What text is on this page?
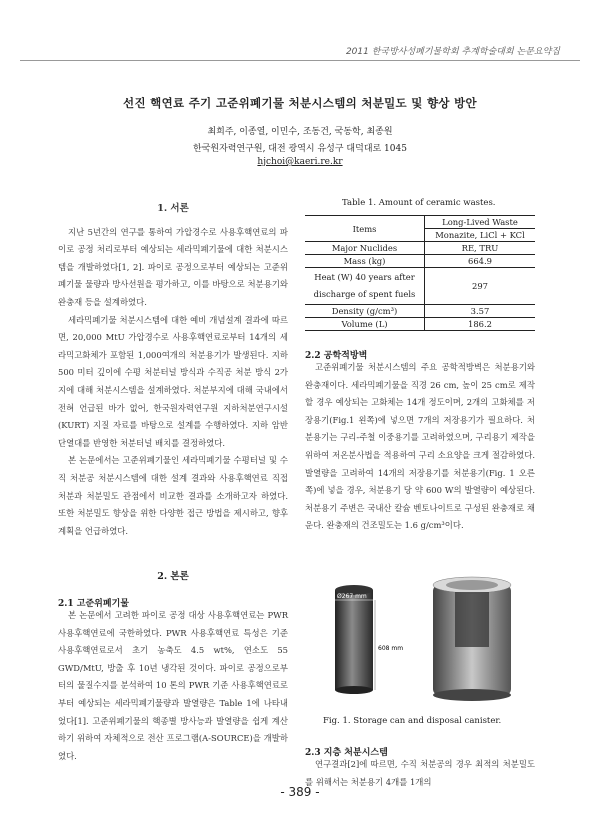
2011 한국방사성폐기물학회 추계학술대회 논문요약집
선진 핵연료 주기 고준위폐기물 처분시스템의 처분밀도 및 향상 방안
최희주, 이종열, 이민수, 조동건, 국동학, 최종원
한국원자력연구원, 대전 광역시 유성구 대덕대로 1045
hjchoi@kaeri.re.kr
1. 서론

지난 5년간의 연구를 통하여 가압경수로 사용후핵연료의 파이로 공정 처리로부터 예상되는 세라믹폐기물에 대한 처분시스템을 개발하였다[1, 2]. 파이로 공정으로부터 예상되는 고준위폐기물 물량과 방사선원을 평가하고, 이를 바탕으로 처분용기와 완충재 등을 설계하였다.

세라믹폐기물 처분시스템에 대한 예비 개념설계 결과에 따르면, 20,000 MtU 가압경수로 사용후핵연료로부터 14개의 세라믹고화체가 포함된 1,000여개의 처분용기가 발생된다. 지하 500 미터 깊이에 수평 처분터널 방식과 수직공 처분 방식 2가지에 대해 처분시스템을 설계하였다. 처분부지에 대해 국내에서 전혀 언급된 바가 없어, 한국원자력연구원 지하처분연구시설(KURT) 지질 자료를 바탕으로 설계를 수행하였다. 지하 암반 단열대를 반영한 처분터널 배치를 결정하였다.

본 논문에서는 고준위폐기물인 세라믹폐기물 수평터널 및 수직 처분공 처분시스템에 대한 설계 결과와 사용후핵연료 직접 처분과 처분밀도 관점에서 비교한 결과를 소개하고자 하였다. 또한 처분밀도 향상을 위한 다양한 접근 방법을 제시하고, 향후 계획을 언급하였다.

2. 본론
2.1 고준위폐기물

본 논문에서 고려한 파이로 공정 대상 사용후핵연료는 PWR 사용후핵연료에 국한하였다. PWR 사용후핵연료 특성은 기준 사용후핵연료로서 초기 농축도 4.5 wt%, 연소도 55 GWD/MtU, 방출 후 10년 냉각된 것이다. 파이로 공정으로부터의 물질수지를 분석하여 10 톤의 PWR 기준 사용후핵연료로부터 예상되는 세라믹폐기물량과 발열량은 Table 1에 나타내었다[1]. 고준위폐기물의 핵종별 방사능과 발열량을 쉽게 계산하기 위하여 자체적으로 전산 프로그램(A-SOURCE)을 개발하였다.

Table 1. Amount of ceramic wastes.
Items	Long-Lived Waste
	Monazite, LiCl + KCl
Major Nuclides	RE, TRU
Mass (kg)	664.9
Heat (W) 40 years after discharge of spent fuels	297
Density (g/cm³)	3.57
Volume (L)	186.2
2.2 공학적방벽

고준위폐기물 처분시스템의 주요 공학적방벽은 처분용기와 완충재이다. 세라믹폐기물을 직경 26 cm, 높이 25 cm로 제작할 경우 예상되는 고화체는 14개 정도이며, 2개의 고화체를 저장용기(Fig.1 왼쪽)에 넣으면 7개의 저장용기가 필요하다. 처분용기는 구리-주철 이중용기를 고려하였으며, 구리용기 제작을 위하여 저온분사법을 적용하여 구리 소요양을 크게 절감하였다. 발열량을 고려하여 14개의 저장용기를 처분용기(Fig. 1 오른쪽)에 넣을 경우, 처분용기 당 약 600 W의 발열량이 예상된다. 처분용기 주변은 국내산 칼슘 벤토나이트로 구성된 완충재로 채운다. 완충재의 건조밀도는 1.6 g/cm³이다.

Ø267 mm
608 mm
Fig. 1. Storage can and disposal canister.
2.3 지층 처분시스템

연구결과[2]에 따르면, 수직 처분공의 경우 최적의 처분밀도를 위해서는 처분용기 4개를 1개의

- 389 -
